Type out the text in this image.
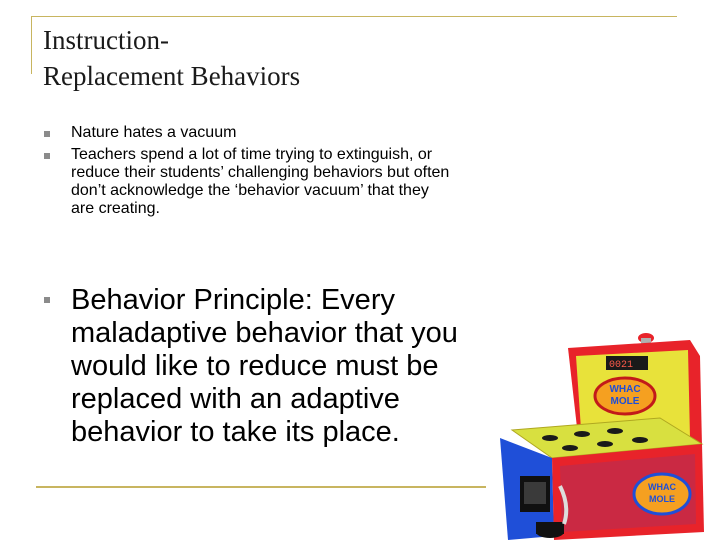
Instruction-
Replacement Behaviors
Nature hates a vacuum
Teachers spend a lot of time trying to extinguish, or reduce their students’ challenging behaviors but often don’t acknowledge the ‘behavior vacuum’ that they are creating.
Behavior Principle: Every maladaptive behavior that you would like to reduce must be replaced with an adaptive behavior to take its place.
0021
WHAC
MOLE
WHAC
MOLE
